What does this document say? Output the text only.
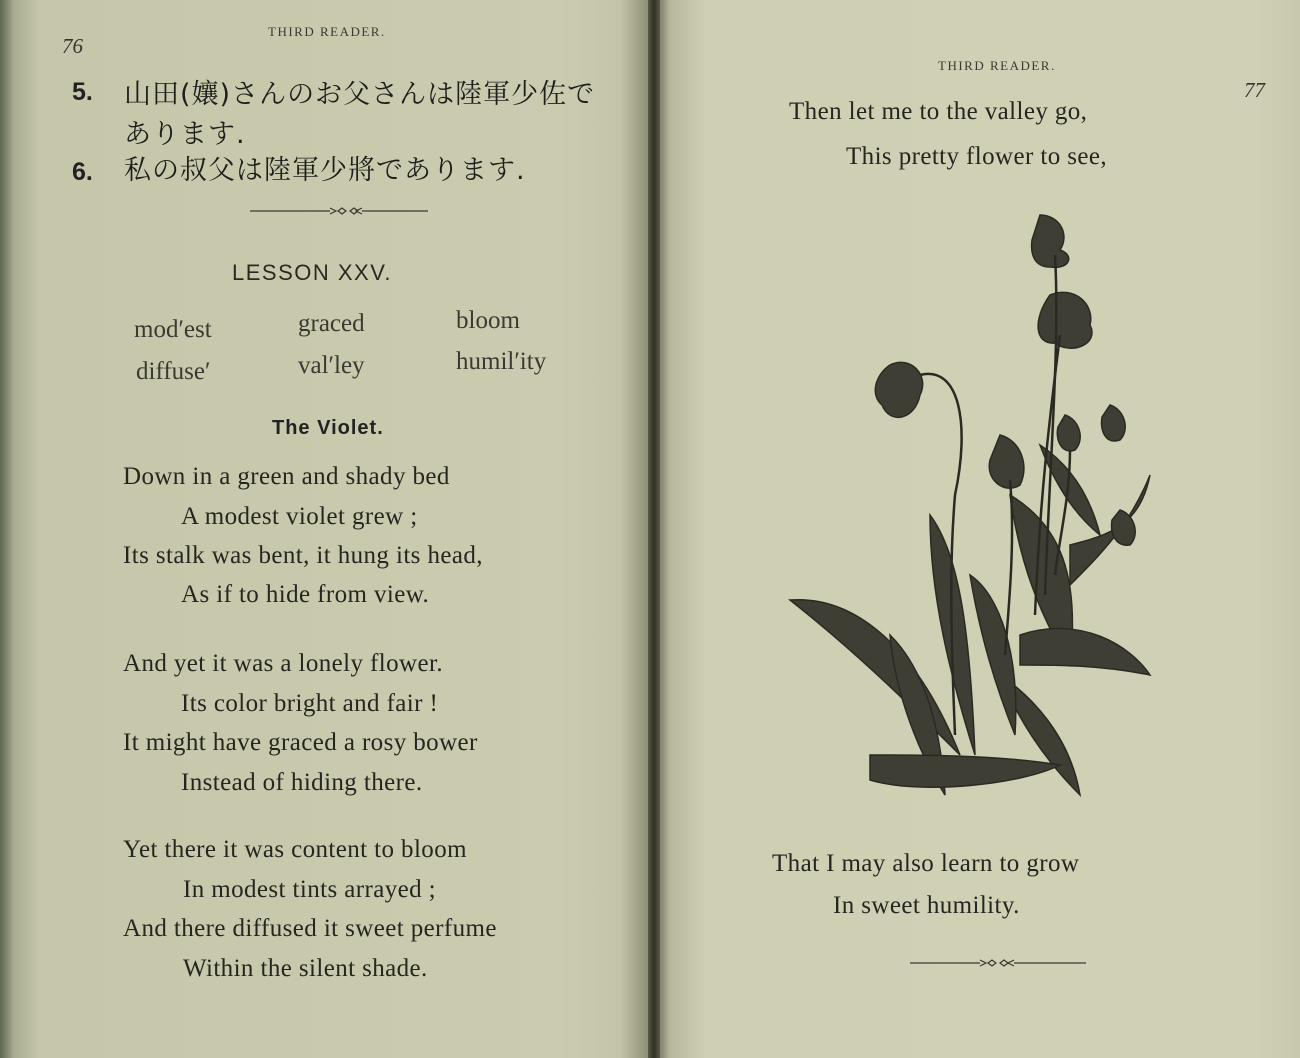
76
THIRD READER.
5. 山田(孃)さんのお父さんは陸軍少佐で
あります.
6. 私の叔父は陸軍少將であります.
LESSON XXV.
mod′est	graced	bloom
diffuse′	val′ley	humil′ity
The Violet.
Down in a green and shady bed
A modest violet grew ;
Its stalk was bent, it hung its head,
As if to hide from view.
And yet it was a lonely flower.
Its color bright and fair !
It might have graced a rosy bower
Instead of hiding there.
Yet there it was content to bloom
In modest tints arrayed ;
And there diffused it sweet perfume
Within the silent shade.
THIRD READER.
77
Then let me to the valley go,
This pretty flower to see,
That I may also learn to grow
In sweet humility.
